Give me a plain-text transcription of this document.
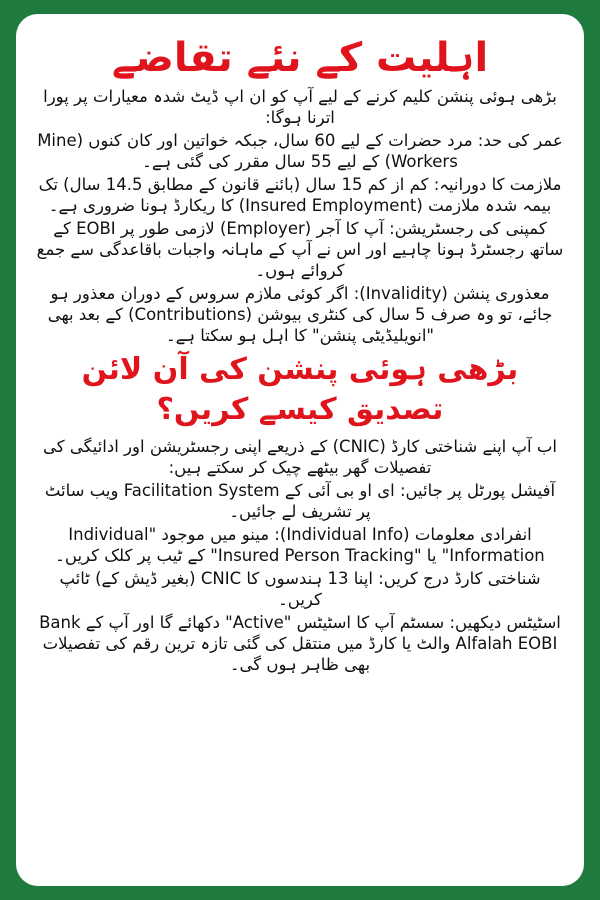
اہلیت کے نئے تقاضے

بڑھی ہوئی پنشن کلیم کرنے کے لیے آپ کو ان اپ ڈیٹ شدہ معیارات پر پورا اترنا ہوگا:

عمر کی حد: مرد حضرات کے لیے 60 سال، جبکہ خواتین اور کان کنوں (Mine Workers) کے لیے 55 سال مقرر کی گئی ہے۔

ملازمت کا دورانیہ: کم از کم 15 سال (بائنے قانون کے مطابق 14.5 سال) تک بیمہ شدہ ملازمت (Insured Employment) کا ریکارڈ ہونا ضروری ہے۔

کمپنی کی رجسٹریشن: آپ کا آجر (Employer) لازمی طور پر EOBI کے ساتھ رجسٹرڈ ہونا چاہیے اور اس نے آپ کے ماہانہ واجبات باقاعدگی سے جمع کروائے ہوں۔

معذوری پنشن (Invalidity): اگر کوئی ملازم سروس کے دوران معذور ہو جائے، تو وہ صرف 5 سال کی کنٹری بیوشن (Contributions) کے بعد بھی "انویلیڈیٹی پنشن" کا اہل ہو سکتا ہے۔

بڑھی ہوئی پنشن کی آن لائن تصدیق کیسے کریں؟

اب آپ اپنے شناختی کارڈ (CNIC) کے ذریعے اپنی رجسٹریشن اور ادائیگی کی تفصیلات گھر بیٹھے چیک کر سکتے ہیں:

آفیشل پورٹل پر جائیں: ای او بی آئی کے Facilitation System ویب سائٹ پر تشریف لے جائیں۔

انفرادی معلومات (Individual Info): مینو میں موجود "Individual Information" یا "Insured Person Tracking" کے ٹیب پر کلک کریں۔

شناختی کارڈ درج کریں: اپنا 13 ہندسوں کا CNIC (بغیر ڈیش کے) ٹائپ کریں۔

اسٹیٹس دیکھیں: سسٹم آپ کا اسٹیٹس "Active" دکھائے گا اور آپ کے Bank Alfalah EOBI والٹ یا کارڈ میں منتقل کی گئی تازہ ترین رقم کی تفصیلات بھی ظاہر ہوں گی۔
